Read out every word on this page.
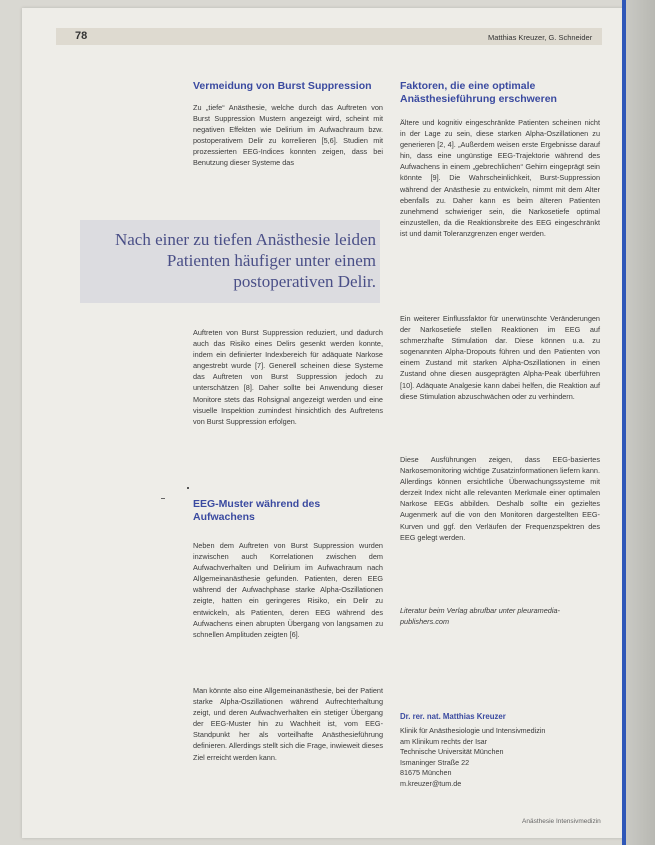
78	Matthias Kreuzer, G. Schneider
Vermeidung von Burst Suppression
Zu „tiefe“ Anästhesie, welche durch das Auftreten von Burst Suppression Mustern angezeigt wird, scheint mit negativen Effekten wie Delirium im Aufwachraum bzw. postoperativem Delir zu korrelieren [5,6]. Studien mit prozessierten EEG-Indices konnten zeigen, dass bei Benutzung dieser Systeme das
Nach einer zu tiefen Anästhesie leiden Patienten häufiger unter einem postoperativen Delir.
Auftreten von Burst Suppression reduziert, und dadurch auch das Risiko eines Delirs gesenkt werden konnte, indem ein definierter Indexbereich für adäquate Narkose angestrebt wurde [7]. Generell scheinen diese Systeme das Auftreten von Burst Suppression jedoch zu unterschätzen [8]. Daher sollte bei Anwendung dieser Monitore stets das Rohsignal angezeigt werden und eine visuelle Inspektion zumindest hinsichtlich des Auftretens von Burst Suppression erfolgen.
EEG-Muster während des Aufwachens
Neben dem Auftreten von Burst Suppression wurden inzwischen auch Korrelationen zwischen dem Aufwachverhalten und Delirium im Aufwachraum nach Allgemeinanästhesie gefunden. Patienten, deren EEG während der Aufwachphase starke Alpha-Oszillationen zeigte, hatten ein geringeres Risiko, ein Delir zu entwickeln, als Patienten, deren EEG während des Aufwachens einen abrupten Übergang von langsamen zu schnellen Amplituden zeigten [6].
Man könnte also eine Allgemeinanästhesie, bei der Patient starke Alpha-Oszillationen während Aufrechterhaltung zeigt, und deren Aufwachverhalten ein stetiger Übergang der EEG-Muster hin zu Wachheit ist, vom EEG-Standpunkt her als vorteilhafte Anästhesieführung definieren. Allerdings stellt sich die Frage, inwieweit dieses Ziel erreicht werden kann.
Faktoren, die eine optimale Anästhesieführung erschweren
Ältere und kognitiv eingeschränkte Patienten scheinen nicht in der Lage zu sein, diese starken Alpha-Oszillationen zu generieren [2, 4]. „Außerdem weisen erste Ergebnisse darauf hin, dass eine ungünstige EEG-Trajektorie während des Aufwachens in einem „gebrechlichen“ Gehirn eingeprägt sein könnte [9]. Die Wahrscheinlichkeit, Burst-Suppression während der Anästhesie zu entwickeln, nimmt mit dem Alter ebenfalls zu. Daher kann es beim älteren Patienten zunehmend schwieriger sein, die Narkosetiefe optimal einzustellen, da die Reaktionsbreite des EEG eingeschränkt ist und damit Toleranzgrenzen enger werden.
Ein weiterer Einflussfaktor für unerwünschte Veränderungen der Narkosetiefe stellen Reaktionen im EEG auf schmerzhafte Stimulation dar. Diese können u.a. zu sogenannten Alpha-Dropouts führen und den Patienten von einem Zustand mit starken Alpha-Oszillationen in einen Zustand ohne diesen ausgeprägten Alpha-Peak überführen [10]. Adäquate Analgesie kann dabei helfen, die Reaktion auf diese Stimulation abzuschwächen oder zu verhindern.
Diese Ausführungen zeigen, dass EEG-basiertes Narkosemonitoring wichtige Zusatzinformationen liefern kann. Allerdings können ersichtliche Überwachungssysteme mit derzeit Index nicht alle relevanten Merkmale einer optimalen Narkose EEGs abbilden. Deshalb sollte ein gezieltes Augenmerk auf die von den Monitoren dargestellten EEG-Kurven und ggf. den Verläufen der Frequenzspektren des EEG gelegt werden.
Literatur beim Verlag abrufbar unter pleuramedia-publishers.com
Dr. rer. nat. Matthias Kreuzer
Klinik für Anästhesiologie und Intensivmedizin
am Klinikum rechts der Isar
Technische Universität München
Ismaninger Straße 22
81675 München
m.kreuzer@tum.de
Anästhesie Intensivmedizin
